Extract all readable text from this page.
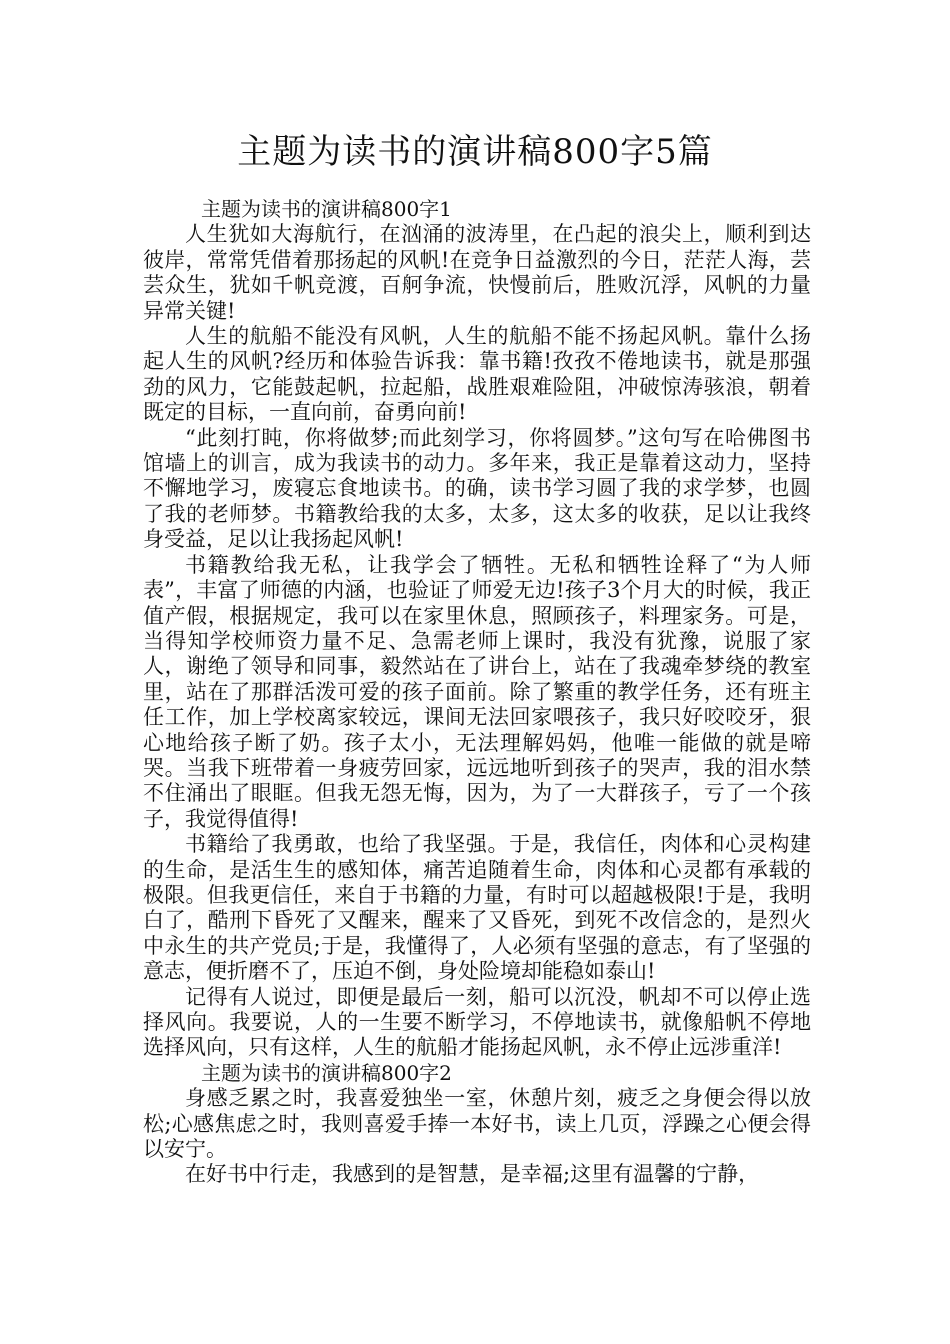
主题为读书的演讲稿800字5篇

主题为读书的演讲稿800字1

人生犹如大海航行，在汹涌的波涛里，在凸起的浪尖上，顺利到达彼岸，常常凭借着那扬起的风帆!在竞争日益激烈的今日，茫茫人海，芸芸众生，犹如千帆竞渡，百舸争流，快慢前后，胜败沉浮，风帆的力量异常关键!

人生的航船不能没有风帆，人生的航船不能不扬起风帆。靠什么扬起人生的风帆?经历和体验告诉我：靠书籍!孜孜不倦地读书，就是那强劲的风力，它能鼓起帆，拉起船，战胜艰难险阻，冲破惊涛骇浪，朝着既定的目标，一直向前，奋勇向前!

“此刻打盹，你将做梦;而此刻学习，你将圆梦。”这句写在哈佛图书馆墙上的训言，成为我读书的动力。多年来，我正是靠着这动力，坚持不懈地学习，废寝忘食地读书。的确，读书学习圆了我的求学梦，也圆了我的老师梦。书籍教给我的太多，太多，这太多的收获，足以让我终身受益，足以让我扬起风帆!

书籍教给我无私，让我学会了牺牲。无私和牺牲诠释了“为人师表”，丰富了师德的内涵，也验证了师爱无边!孩子3个月大的时候，我正值产假，根据规定，我可以在家里休息，照顾孩子，料理家务。可是，当得知学校师资力量不足、急需老师上课时，我没有犹豫，说服了家人，谢绝了领导和同事，毅然站在了讲台上，站在了我魂牵梦绕的教室里，站在了那群活泼可爱的孩子面前。除了繁重的教学任务，还有班主任工作，加上学校离家较远，课间无法回家喂孩子，我只好咬咬牙，狠心地给孩子断了奶。孩子太小，无法理解妈妈，他唯一能做的就是啼哭。当我下班带着一身疲劳回家，远远地听到孩子的哭声，我的泪水禁不住涌出了眼眶。但我无怨无悔，因为，为了一大群孩子，亏了一个孩子，我觉得值得!

书籍给了我勇敢，也给了我坚强。于是，我信任，肉体和心灵构建的生命，是活生生的感知体，痛苦追随着生命，肉体和心灵都有承载的极限。但我更信任，来自于书籍的力量，有时可以超越极限!于是，我明白了，酷刑下昏死了又醒来，醒来了又昏死，到死不改信念的，是烈火中永生的共产党员;于是，我懂得了，人必须有坚强的意志，有了坚强的意志，便折磨不了，压迫不倒，身处险境却能稳如泰山!

记得有人说过，即便是最后一刻，船可以沉没，帆却不可以停止选择风向。我要说，人的一生要不断学习，不停地读书，就像船帆不停地选择风向，只有这样，人生的航船才能扬起风帆，永不停止远涉重洋!

主题为读书的演讲稿800字2

身感乏累之时，我喜爱独坐一室，休憩片刻，疲乏之身便会得以放松;心感焦虑之时，我则喜爱手捧一本好书，读上几页，浮躁之心便会得以安宁。

在好书中行走，我感到的是智慧，是幸福;这里有温馨的宁静，
